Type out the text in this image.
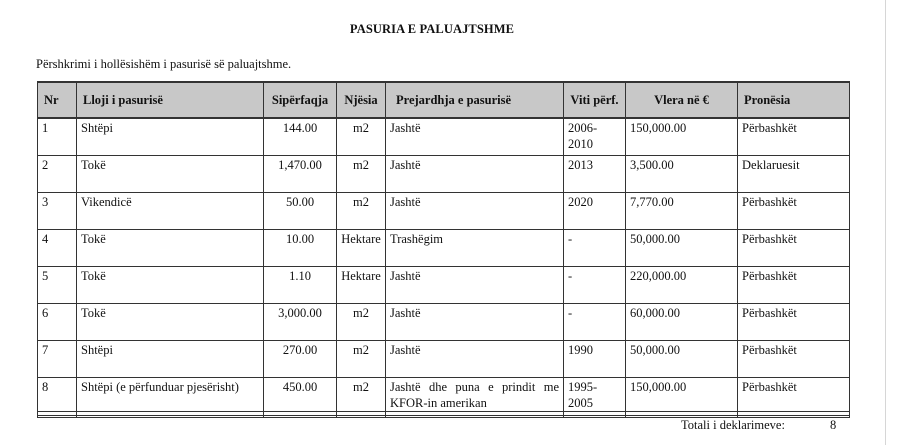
PASURIA E PALUAJTSHME
Përshkrimi i hollësishëm i pasurisë së paluajtshme.
Nr	Lloji i pasurisë	Sipërfaqja	Njësia	Prejardhja e pasurisë	Viti përf.	Vlera në €	Pronësia
1	Shtëpi	144.00	m2	Jashtë	2006-2010	150,000.00	Përbashkët
2	Tokë	1,470.00	m2	Jashtë	2013	3,500.00	Deklaruesit
3	Vikendicë	50.00	m2	Jashtë	2020	7,770.00	Përbashkët
4	Tokë	10.00	Hektare	Trashëgim	-	50,000.00	Përbashkët
5	Tokë	1.10	Hektare	Jashtë	-	220,000.00	Përbashkët
6	Tokë	3,000.00	m2	Jashtë	-	60,000.00	Përbashkët
7	Shtëpi	270.00	m2	Jashtë	1990	50,000.00	Përbashkët
8	Shtëpi (e përfunduar pjesërisht)	450.00	m2	Jashtë dhe puna e prindit me KFOR-in amerikan	1995-2005	150,000.00	Përbashkët
Totali i deklarimeve:	8
